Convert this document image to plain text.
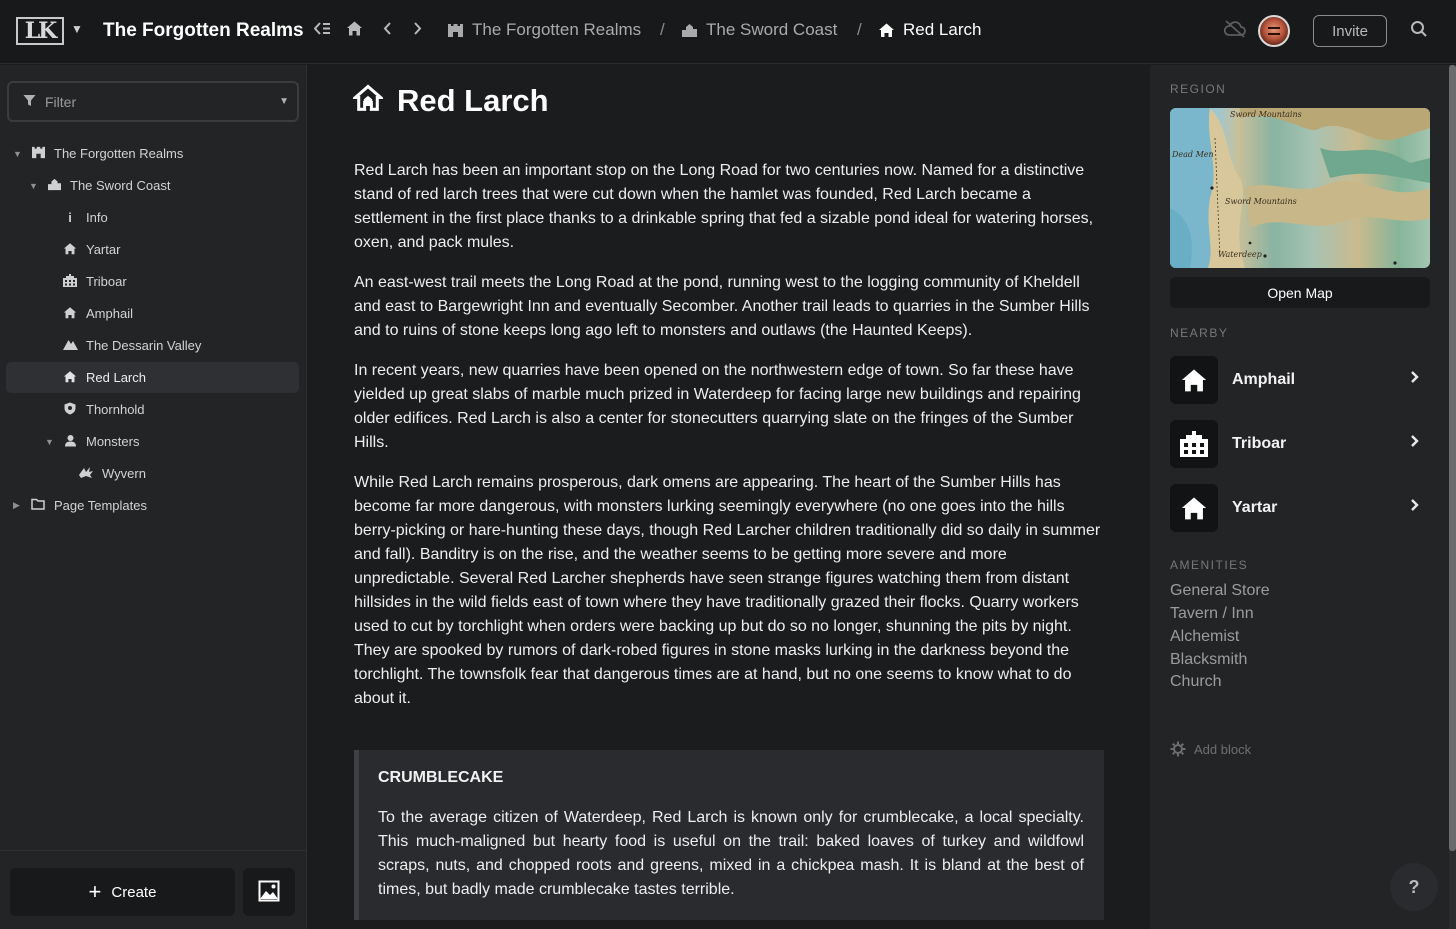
LK	▼ The Forgotten Realms	The Forgotten Realms / The Sword Coast / Red Larch	Invite
Filter	▼
▼ The Forgotten Realms
▼ The Sword Coast
i	Info
Yartar
Triboar
Amphail
The Dessarin Valley
Red Larch
Thornhold
▼ Monsters
Wyvern
▶	Page Templates
+ Create
Red Larch

Red Larch has been an important stop on the Long Road for two centuries now. Named for a distinctive stand of red larch trees that were cut down when the hamlet was founded, Red Larch became a settlement in the first place thanks to a drinkable spring that fed a sizable pond ideal for watering horses, oxen, and pack mules.

An east-west trail meets the Long Road at the pond, running west to the logging community of Kheldell and east to Bargewright Inn and eventually Secomber. Another trail leads to quarries in the Sumber Hills and to ruins of stone keeps long ago left to monsters and outlaws (the Haunted Keeps).

In recent years, new quarries have been opened on the northwestern edge of town. So far these have yielded up great slabs of marble much prized in Waterdeep for facing large new buildings and repairing older edifices. Red Larch is also a center for stonecutters quarrying slate on the fringes of the Sumber Hills.

While Red Larch remains prosperous, dark omens are appearing. The heart of the Sumber Hills has become far more dangerous, with monsters lurking seemingly everywhere (no one goes into the hills berry-picking or hare-hunting these days, though Red Larcher children traditionally did so daily in summer and fall). Banditry is on the rise, and the weather seems to be getting more severe and more unpredictable. Several Red Larcher shepherds have seen strange figures watching them from distant hillsides in the wild fields east of town where they have traditionally grazed their flocks. Quarry workers used to cut by torchlight when orders were backing up but do so no longer, shunning the pits by night. They are spooked by rumors of dark-robed figures in stone masks lurking in the darkness beyond the torchlight. The townsfolk fear that dangerous times are at hand, but no one seems to know what to do about it.

CRUMBLECAKE
To the average citizen of Waterdeep, Red Larch is known only for crumblecake, a local specialty. This much-maligned but hearty food is useful on the trail: baked loaves of turkey and wildfowl scraps, nuts, and chopped roots and greens, mixed in a chickpea mash. It is bland at the best of times, but badly made crumblecake tastes terrible.
REGION
Sword Mountains
Dead Men
Sword Mountains
Waterdeep
Open Map
NEARBY
Amphail
Triboar
Yartar
AMENITIES
General Store
Tavern / Inn
Alchemist
Blacksmith
Church
Add block
?
